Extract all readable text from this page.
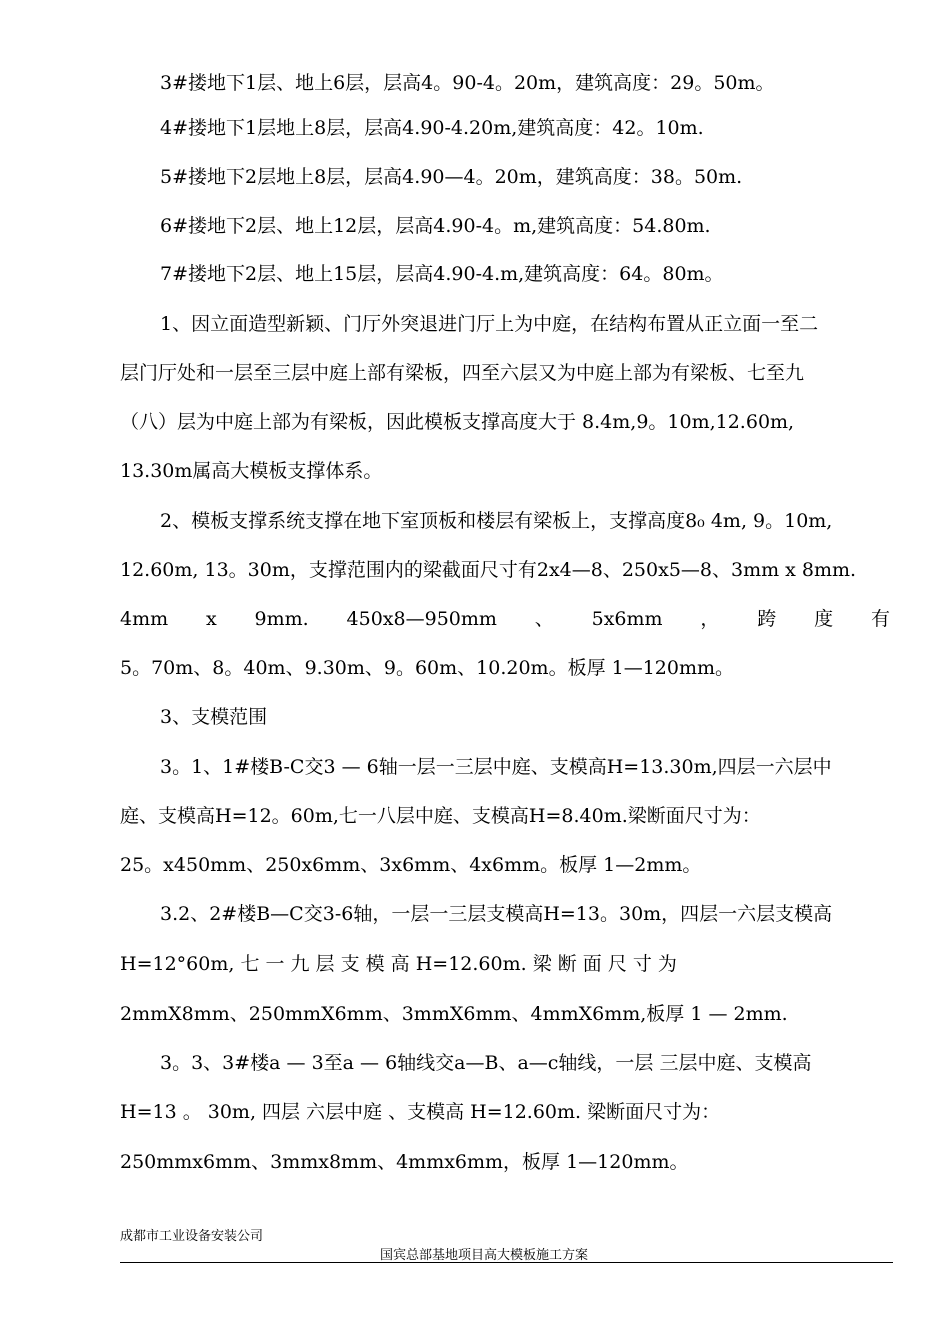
3#搂地下1层、地上6层，层高4。90-4。20m，建筑高度：29。50m。
4#搂地下1层地上8层，层高4.90-4.20m,建筑高度：42。10m.
5#搂地下2层地上8层，层高4.90—4。20m，建筑高度：38。50m.
6#搂地下2层、地上12层，层高4.90-4。m,建筑高度：54.80m.
7#搂地下2层、地上15层，层高4.90-4.m,建筑高度：64。80m。
1、因立面造型新颖、门厅外突退进门厅上为中庭，在结构布置从正立面一至二
层门厅处和一层至三层中庭上部有梁板，四至六层又为中庭上部为有梁板、七至九
（八）层为中庭上部为有梁板，因此模板支撑高度大于 8.4m,9。10m,12.60m,
13.30m属高大模板支撑体系。
2、模板支撑系统支撑在地下室顶板和楼层有梁板上，支撑高度8₀ 4m, 9。10m,
12.60m, 13。30m，支撑范围内的梁截面尺寸有2x4—8、250x5—8、3mm x 8mm.
4mm x 9mm. 450x8—950mm 、 5x6mm ， 跨 度 有
5。70m、8。40m、9.30m、9。60m、10.20m。板厚 1—120mm。
3、支模范围
3。1、1#楼B-C交3 — 6轴一层一三层中庭、支模高H=13.30m,四层一六层中
庭、支模高H=12。60m,七一八层中庭、支模高H=8.40m.梁断面尺寸为：
25。x450mm、250x6mm、3x6mm、4x6mm。板厚 1—2mm。
3.2、2#楼B—C交3-6轴，一层一三层支模高H=13。30m，四层一六层支模高
H=12°60m, 七 一 九 层 支 模 高 H=12.60m. 梁 断 面 尺 寸 为
2mmX8mm、250mmX6mm、3mmX6mm、4mmX6mm,板厚 1 — 2mm.
3。3、3#楼a — 3至a — 6轴线交a—B、a—c轴线，一层 三层中庭、支模高
H=13 。 30m, 四层 六层中庭 、支模高 H=12.60m. 梁断面尺寸为：
250mmx6mm、3mmx8mm、4mmx6mm，板厚 1—120mm。
成都市工业设备安装公司
国宾总部基地项目高大模板施工方案
